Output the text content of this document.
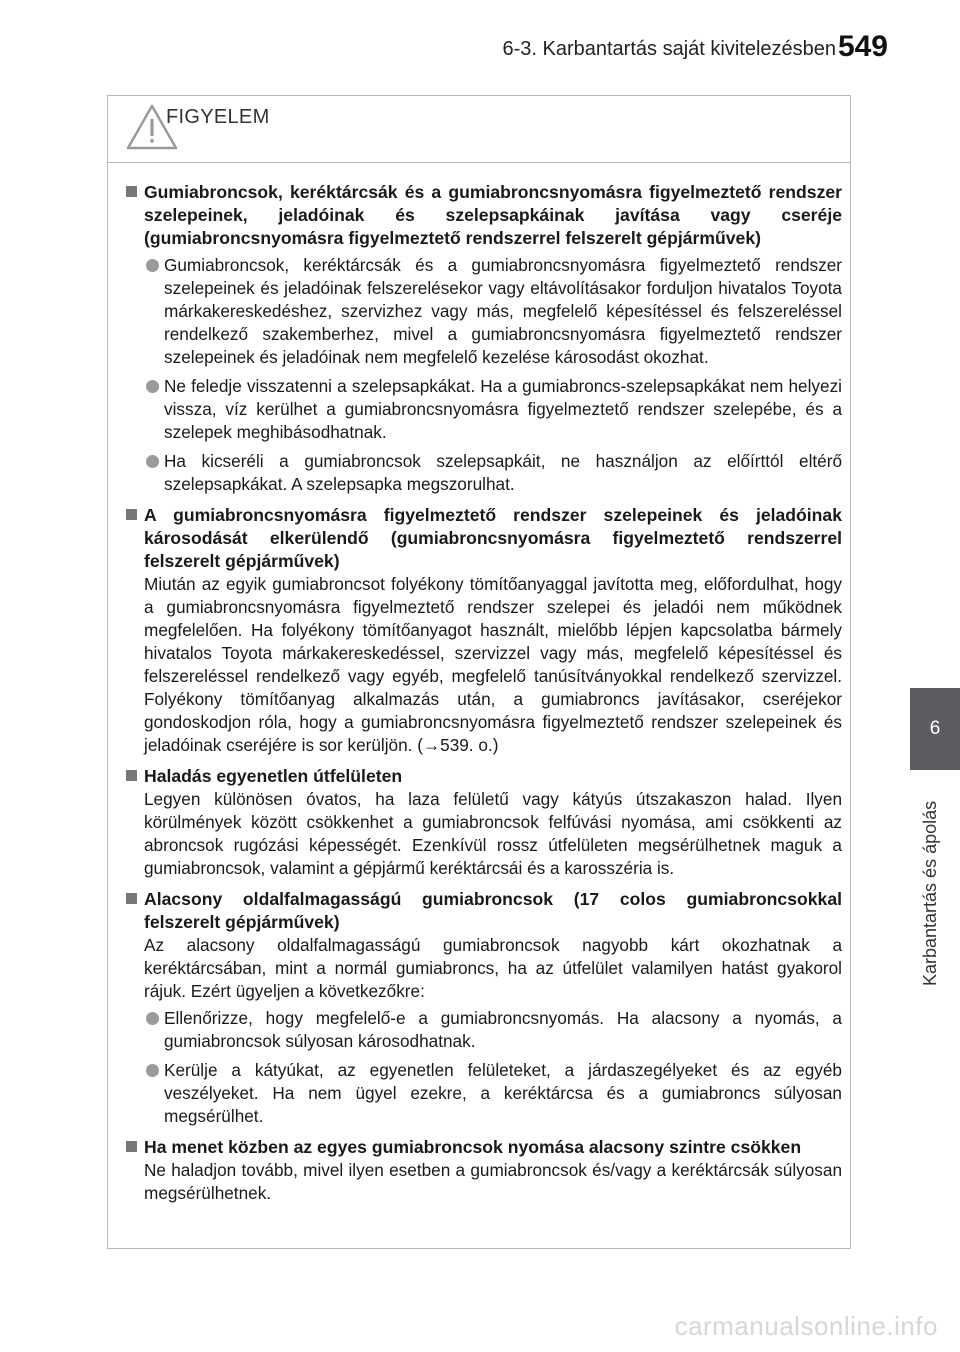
6-3. Karbantartás saját kivitelezésben 549
6
Karbantartás és ápolás
FIGYELEM
Gumiabroncsok, keréktárcsák és a gumiabroncsnyomásra figyelmeztető rendszer szelepeinek, jeladóinak és szelepsapkáinak javítása vagy cseréje (gumiabroncsnyomásra figyelmeztető rendszerrel felszerelt gépjárművek)
Gumiabroncsok, keréktárcsák és a gumiabroncsnyomásra figyelmeztető rendszer szelepeinek és jeladóinak felszerelésekor vagy eltávolításakor forduljon hivatalos Toyota márkakereskedéshez, szervizhez vagy más, megfelelő képesítéssel és felszereléssel rendelkező szakemberhez, mivel a gumiabroncsnyomásra figyelmeztető rendszer szelepeinek és jeladóinak nem megfelelő kezelése károsodást okozhat.
Ne feledje visszatenni a szelepsapkákat. Ha a gumiabroncs-szelepsapkákat nem helyezi vissza, víz kerülhet a gumiabroncsnyomásra figyelmeztető rendszer szelepébe, és a szelepek meghibásodhatnak.
Ha kicseréli a gumiabroncsok szelepsapkáit, ne használjon az előírttól eltérő szelepsapkákat. A szelepsapka megszorulhat.
A gumiabroncsnyomásra figyelmeztető rendszer szelepeinek és jeladóinak károsodását elkerülendő (gumiabroncsnyomásra figyelmeztető rendszerrel felszerelt gépjárművek)
Miután az egyik gumiabroncsot folyékony tömítőanyaggal javította meg, előfordulhat, hogy a gumiabroncsnyomásra figyelmeztető rendszer szelepei és jeladói nem működnek megfelelően. Ha folyékony tömítőanyagot használt, mielőbb lépjen kapcsolatba bármely hivatalos Toyota márkakereskedéssel, szervizzel vagy más, megfelelő képesítéssel és felszereléssel rendelkező vagy egyéb, megfelelő tanúsítványokkal rendelkező szervizzel. Folyékony tömítőanyag alkalmazás után, a gumiabroncs javításakor, cseréjekor gondoskodjon róla, hogy a gumiabroncsnyomásra figyelmeztető rendszer szelepeinek és jeladóinak cseréjére is sor kerüljön. (→539. o.)
Haladás egyenetlen útfelületen
Legyen különösen óvatos, ha laza felületű vagy kátyús útszakaszon halad. Ilyen körülmények között csökkenhet a gumiabroncsok felfúvási nyomása, ami csökkenti az abroncsok rugózási képességét. Ezenkívül rossz útfelületen megsérülhetnek maguk a gumiabroncsok, valamint a gépjármű keréktárcsái és a karosszéria is.
Alacsony oldalfalmagasságú gumiabroncsok (17 colos gumiabroncsokkal felszerelt gépjárművek)
Az alacsony oldalfalmagasságú gumiabroncsok nagyobb kárt okozhatnak a keréktárcsában, mint a normál gumiabroncs, ha az útfelület valamilyen hatást gyakorol rájuk. Ezért ügyeljen a következőkre:
Ellenőrizze, hogy megfelelő-e a gumiabroncsnyomás. Ha alacsony a nyomás, a gumiabroncsok súlyosan károsodhatnak.
Kerülje a kátyúkat, az egyenetlen felületeket, a járdaszegélyeket és az egyéb veszélyeket. Ha nem ügyel ezekre, a keréktárcsa és a gumiabroncs súlyosan megsérülhet.
Ha menet közben az egyes gumiabroncsok nyomása alacsony szintre csökken
Ne haladjon tovább, mivel ilyen esetben a gumiabroncsok és/vagy a keréktárcsák súlyosan megsérülhetnek.
carmanualsonline.info
